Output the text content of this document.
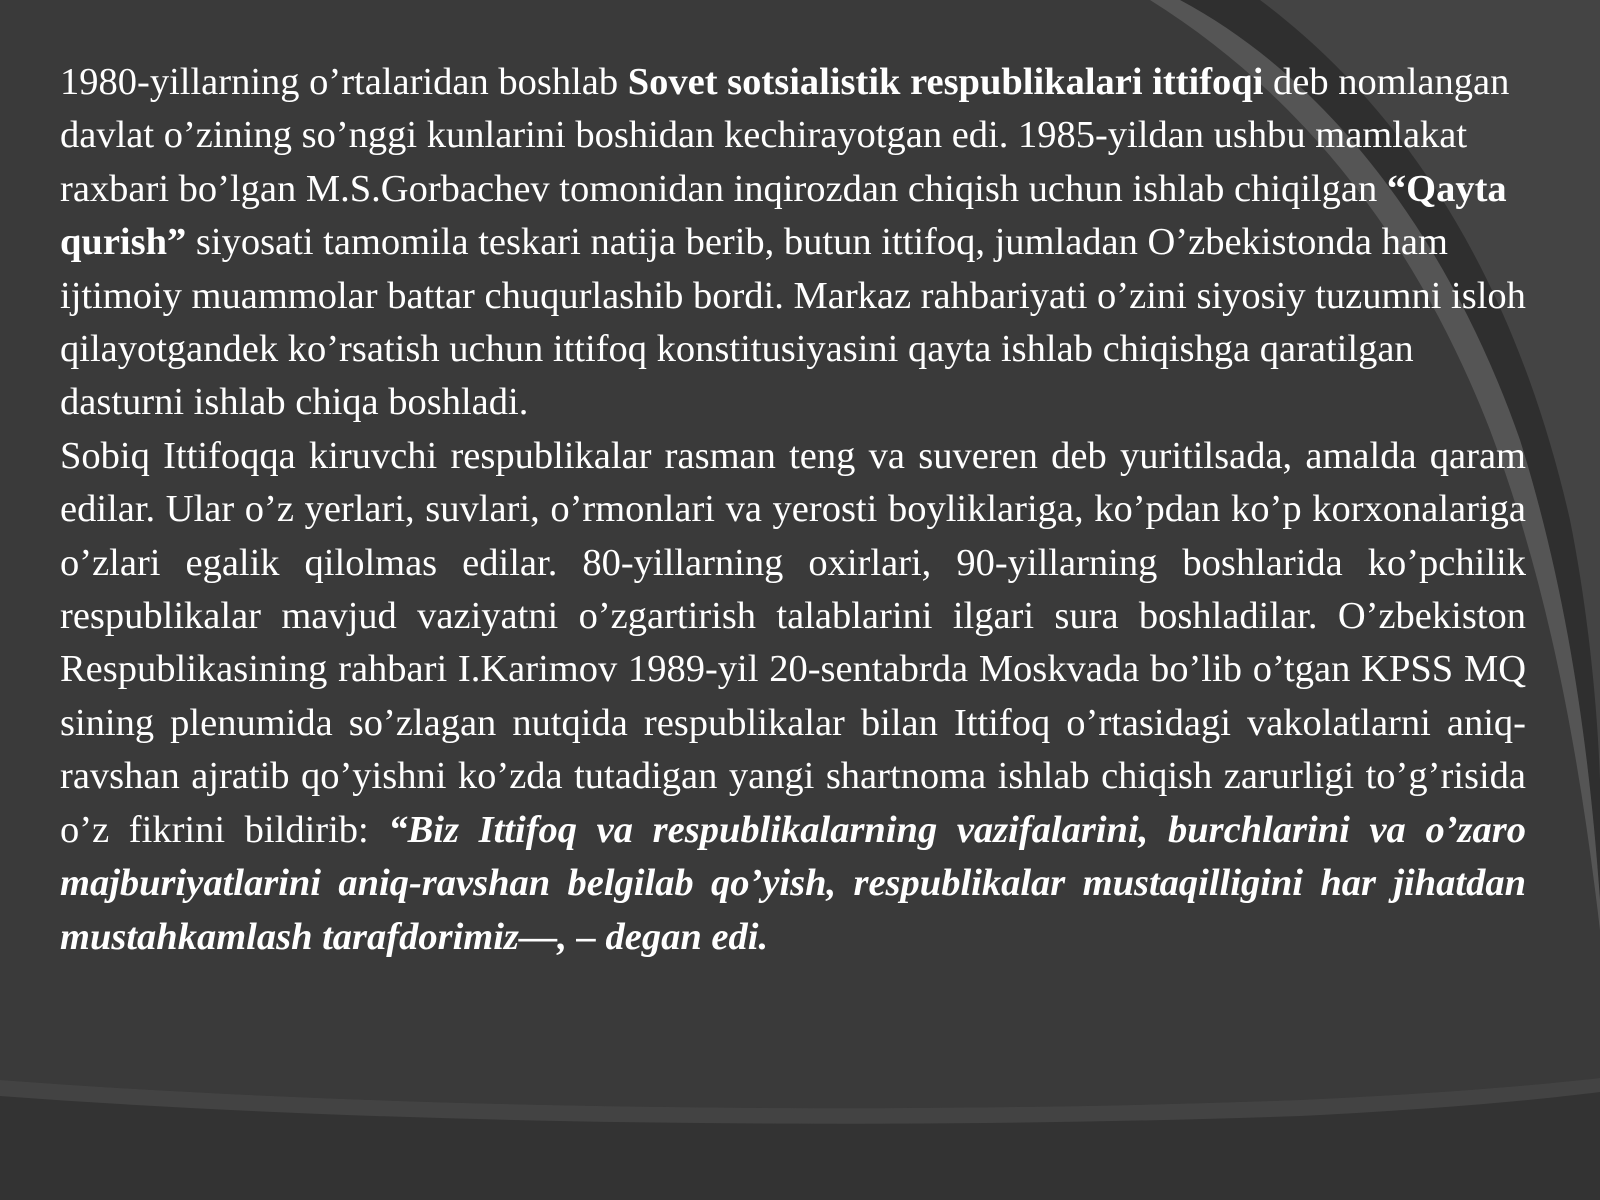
1980-yillarning o’rtalaridan boshlab Sovet sotsialistik respublikalari ittifoqi deb nomlangan davlat o’zining so’nggi kunlarini boshidan kechirayotgan edi. 1985-yildan ushbu mamlakat raxbari bo’lgan M.S.Gorbachev tomonidan inqirozdan chiqish uchun ishlab chiqilgan “Qayta qurish” siyosati tamomila teskari natija berib, butun ittifoq, jumladan O’zbekistonda ham ijtimoiy muammolar battar chuqurlashib bordi. Markaz rahbariyati o’zini siyosiy tuzumni isloh qilayotgandek ko’rsatish uchun ittifoq konstitusiyasini qayta ishlab chiqishga qaratilgan dasturni ishlab chiqa boshladi.

Sobiq Ittifoqqa kiruvchi respublikalar rasman teng va suveren deb yuritilsada, amalda qaram edilar. Ular o’z yerlari, suvlari, o’rmonlari va yerosti boyliklariga, ko’pdan ko’p korxonalariga o’zlari egalik qilolmas edilar. 80-yillarning oxirlari, 90-yillarning boshlarida ko’pchilik respublikalar mavjud vaziyatni o’zgartirish talablarini ilgari sura boshladilar. O’zbekiston Respublikasining rahbari I.Karimov 1989-yil 20-sentabrda Moskvada bo’lib o’tgan KPSS MQ sining plenumida so’zlagan nutqida respublikalar bilan Ittifoq o’rtasidagi vakolatlarni aniq-ravshan ajratib qo’yishni ko’zda tutadigan yangi shartnoma ishlab chiqish zarurligi to’g’risida o’z fikrini bildirib: “Biz Ittifoq va respublikalarning vazifalarini, burchlarini va o’zaro majburiyatlarini aniq-ravshan belgilab qo’yish, respublikalar mustaqilligini har jihatdan mustahkamlash tarafdorimiz—, – degan edi.
